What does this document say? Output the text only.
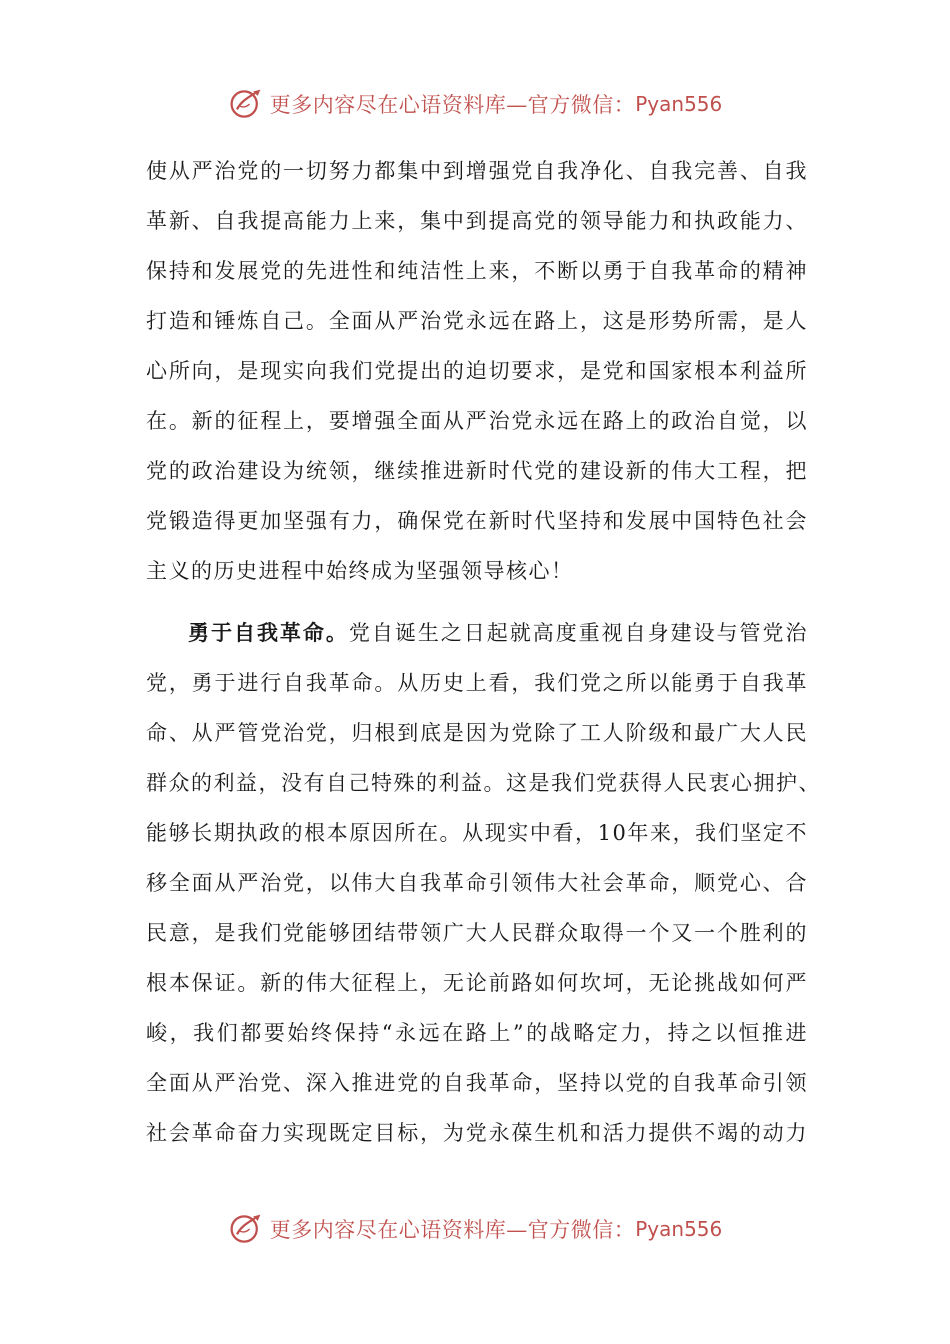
更多内容尽在心语资料库—官方微信： Pyan556
使从严治党的一切努力都集中到增强党自我净化、自我完善、自我
革新、自我提高能力上来，集中到提高党的领导能力和执政能力、
保持和发展党的先进性和纯洁性上来，不断以勇于自我革命的精神
打造和锤炼自己。全面从严治党永远在路上，这是形势所需，是人
心所向，是现实向我们党提出的迫切要求，是党和国家根本利益所
在。新的征程上，要增强全面从严治党永远在路上的政治自觉，以
党的政治建设为统领，继续推进新时代党的建设新的伟大工程，把
党锻造得更加坚强有力，确保党在新时代坚持和发展中国特色社会
主义的历史进程中始终成为坚强领导核心！
勇于自我革命。党自诞生之日起就高度重视自身建设与管党治
党，勇于进行自我革命。从历史上看，我们党之所以能勇于自我革
命、从严管党治党，归根到底是因为党除了工人阶级和最广大人民
群众的利益，没有自己特殊的利益。这是我们党获得人民衷心拥护、
能够长期执政的根本原因所在。从现实中看，10年来，我们坚定不
移全面从严治党，以伟大自我革命引领伟大社会革命，顺党心、合
民意，是我们党能够团结带领广大人民群众取得一个又一个胜利的
根本保证。新的伟大征程上，无论前路如何坎坷，无论挑战如何严
峻，我们都要始终保持“永远在路上”的战略定力，持之以恒推进
全面从严治党、深入推进党的自我革命，坚持以党的自我革命引领
社会革命奋力实现既定目标，为党永葆生机和活力提供不竭的动力
更多内容尽在心语资料库—官方微信： Pyan556
